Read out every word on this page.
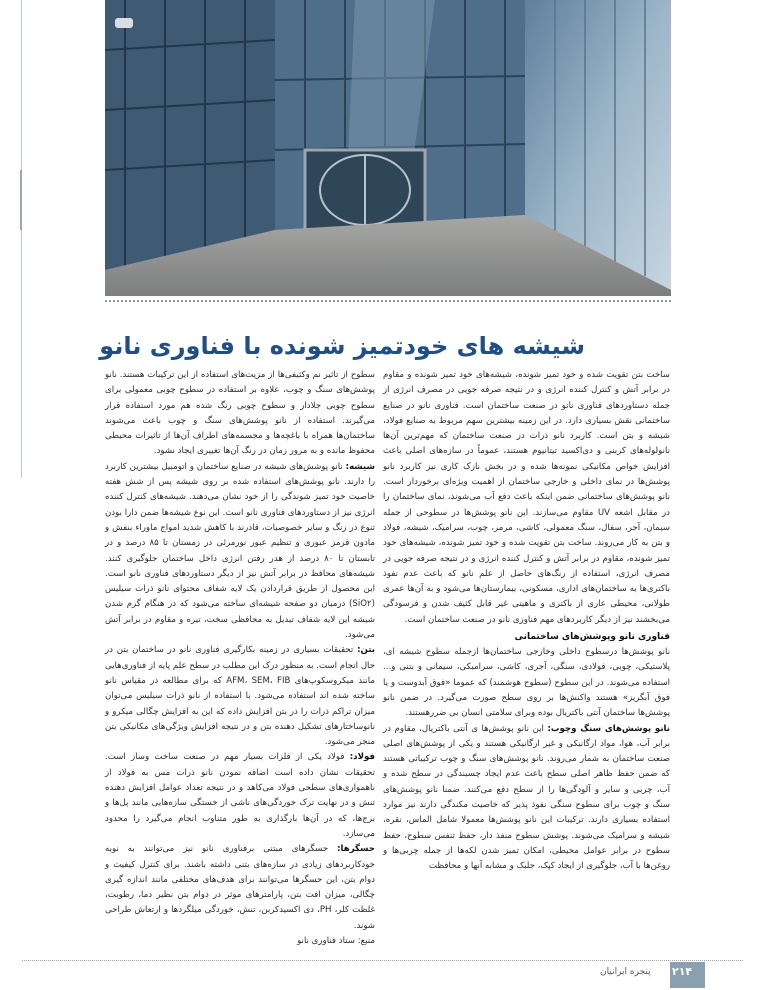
شیشه های خودتمیز شونده با فناوری نانو

ساخت بتن تقویت شده و خود تمیز شونده، شیشه‌های خود تمیز شونده و مقاوم در برابر آتش و کنترل کننده انرژی و در نتیجه صرفه جویی در مصرف انرژی از جمله دستاوردهای فناوری نانو در صنعت ساختمان است. فناوری نانو در صنایع ساختمانی نقش بسیاری دارد. در این زمینه بیشترین سهم مربوط به صنایع فولاد، شیشه و بتن است. کاربرد نانو ذرات در صنعت ساختمان که مهم‌ترین آن‌ها نانولوله‌های کربنی و دی‌اکسید تیتانیوم هستند، عموماً در سازه‌های اصلی باعث افزایش خواص مکانیکی نمونه‌ها شده و در بخش نازک کاری نیز کاربرد نانو پوشش‌ها در نمای داخلی و خارجی ساختمان از اهمیت ویژه‌ای برخوردار است. نانو پوشش‌های ساختمانی ضمن اینکه باعث دفع آب می‌شوند، نمای ساختمان را در مقابل اشعه UV مقاوم می‌سازند. این نانو پوشش‌ها در سطوحی از جمله سیمان، آجر، سفال، سنگ معمولی، کاشی، مرمر، چوب، سرامیک، شیشه، فولاد و بتن به کار می‌روند. ساخت بتن تقویت شده و خود تمیز شونده، شیشه‌های خود تمیز شونده، مقاوم در برابر آتش و کنترل کننده انرژی و در نتیجه صرفه جویی در مصرف انرژی، استفاده از رنگ‌های حاصل از علم نانو که باعث عدم نفوذ باکتری‌ها به ساختمان‌های اداری، مسکونی، بیمارستان‌ها می‌شود و به آن‌ها عمری طولانی، محیطی عاری از باکتری و ماهیتی غیر قابل کثیف شدن و فرسودگی می‌بخشند نیز از دیگر کاربردهای مهم فناوری نانو در صنعت ساختمان است.

فناوری نانو وپوشش‌های ساختمانی

نانو پوشش‌ها درسطوح داخلی وخارجی ساختمان‌ها ازجمله سطوح شیشه ای، پلاستیکی، چوبی، فولادی، سنگی، آجری، کاشی، سرامیکی، سیمانی و بتنی و... استفاده می‌شوند. در این سطوح (سطوح هوشمند) که عموما «فوق آبدوست و یا فوق آبگریز» هستند واکنش‌ها بر روی سطح صورت می‌گیرد. در ضمن نانو پوشش‌ها ساختمان آنتی باکتریال بوده وبرای سلامتی انسان بی ضررهستند.

نانو پوشش‌های سنگ وچوب: این نانو پوشش‌ها ی آنتی باکتریال، مقاوم در برابر آب، هوا، مواد ارگانیکی و غیر ارگانیکی هستند و یکی از پوشش‌های اصلی صنعت ساختمان به شمار می‌روند. نانو پوشش‌های سنگ و چوب ترکیباتی هستند که ضمن حفظ ظاهر اصلی سطح باعث عدم ایجاد چسبندگی در سطح شده و آب، چربی و سایر و آلودگی‌ها را از سطح دفع می‌کنند. ضمنا نانو پوشش‌های سنگ و چوب برای سطوح سنگی نفوذ پذیر که خاصیت مکندگی دارند نیز موارد استفاده بسیاری دارند. ترکیبات این نانو پوشش‌ها معمولا شامل الماس، نقره، شیشه و سرامیک می‌شوند. پوشش سطوح منفذ دار، حفظ تنفس سطوح، حفظ سطوح در برابر عوامل محیطی، امکان تمیز شدن لکه‌ها از جمله چربی‌ها و روغن‌ها با آب، جلوگیری از ایجاد کپک، جلبک و مشابه آنها و محافظت

سطوح از تاثیر نم وکثیفی‌ها از مزیت‌های استفاده از این ترکیبات هستند. نانو پوشش‌های سنگ و چوب، علاوه بر استفاده در سطوح چوبی معمولی برای سطوح چوبی جلادار و سطوح چوبی رنگ شده هم مورد استفاده قرار می‌گیرند. استفاده از نانو پوشش‌های سنگ و چوب باعث می‌شوند ساختمان‌ها همراه با باغچه‌ها و مجسمه‌های اطراف آن‌ها از تاثیرات محیطی محفوظ مانده و به مرور زمان در رنگ آن‌ها تغییری ایجاد نشود.

شیشه: نانو پوشش‌های شیشه در صنایع ساختمان و اتومبیل بیشترین کاربرد را دارند. نانو پوشش‌های استفاده شده بر روی شیشه پس از شش هفته خاصیت خود تمیز شوندگی را از خود نشان می‌دهند. شیشه‌های کنترل کننده انرژی نیز از دستاوردهای فناوری نانو است. این نوع شیشه‌ها ضمن دارا بودن تنوع در رنگ و سایر خصوصیات، قادرند با کاهش شدید امواج ماوراء بنفش و مادون قرمز عبوری و تنظیم عبور نورمرئی در زمستان تا ۸۵ درصد و در تابستان تا ۸۰ درصد از هدر رفتن انرژی داخل ساختمان جلوگیری کنند. شیشه‌های محافظ در برابر آتش نیز از دیگر دستاوردهای فناوری نانو است. این محصول از طریق قراردادن یک لایه شفاف محتوای نانو ذرات سیلیس (SiO۲) درمیان دو صفحه شیشه‌ای ساخته می‌شود که در هنگام گرم شدن شیشه این لایه شفاف تبدیل به محافظی سخت، تیره و مقاوم در برابر آتش می‌شود.

بتن: تحقیقات بسیاری در زمینه بکارگیری فناوری نانو در ساختمان بتن در حال انجام است. به منظور درک این مطلب در سطح علم پایه از فناوری‌هایی مانند میکروسکوپ‌های AFM، SEM، FIB که برای مطالعه در مقیاس نانو ساخته شده اند استفاده می‌شود. با استفاده از نانو ذرات سیلیس می‌توان میزان تراکم ذرات را در بتن افزایش داده که این به افزایش چگالی میکرو و نانوساختارهای تشکیل دهنده بتن و در نتیجه افزایش ویژگی‌های مکانیکی بتن منجر می‌شود.

فولاد: فولاد یکی از فلزات بسیار مهم در صنعت ساخت وساز است. تحقیقات نشان داده است اضافه نمودن نانو ذرات مس به فولاد از ناهمواری‌های سطحی فولاد می‌کاهد و در نتیجه تعداد عوامل افزایش دهنده تنش و در نهایت ترک خوردگی‌های ناشی از خستگی سازه‌هایی مانند پل‌ها و برج‌ها، که در آن‌ها بارگذاری به طور متناوب انجام می‌گیرد را محدود می‌سازد.

حسگرها: حسگرها‌ی مبتنی برفناوری نانو نیز می‌توانند به نوبه خودکاربردهای زیادی در سازه‌های بتنی داشته باشند. برای کنترل کیفیت و دوام بتن، این حسگرها می‌توانند برای هدف‌های مختلفی مانند اندازه گیری چگالی، میزان افت بتن، پارامترهای موثر در دوام بتن نظیر دما، رطوبت، غلظت کلر، PH، دی اکسیدکربن، تنش، خوردگی میلگردها و ارتعاش طراحی شوند.

منبع: ستاد فناوری نانو

۲۱۴
پنجره ایرانیان
